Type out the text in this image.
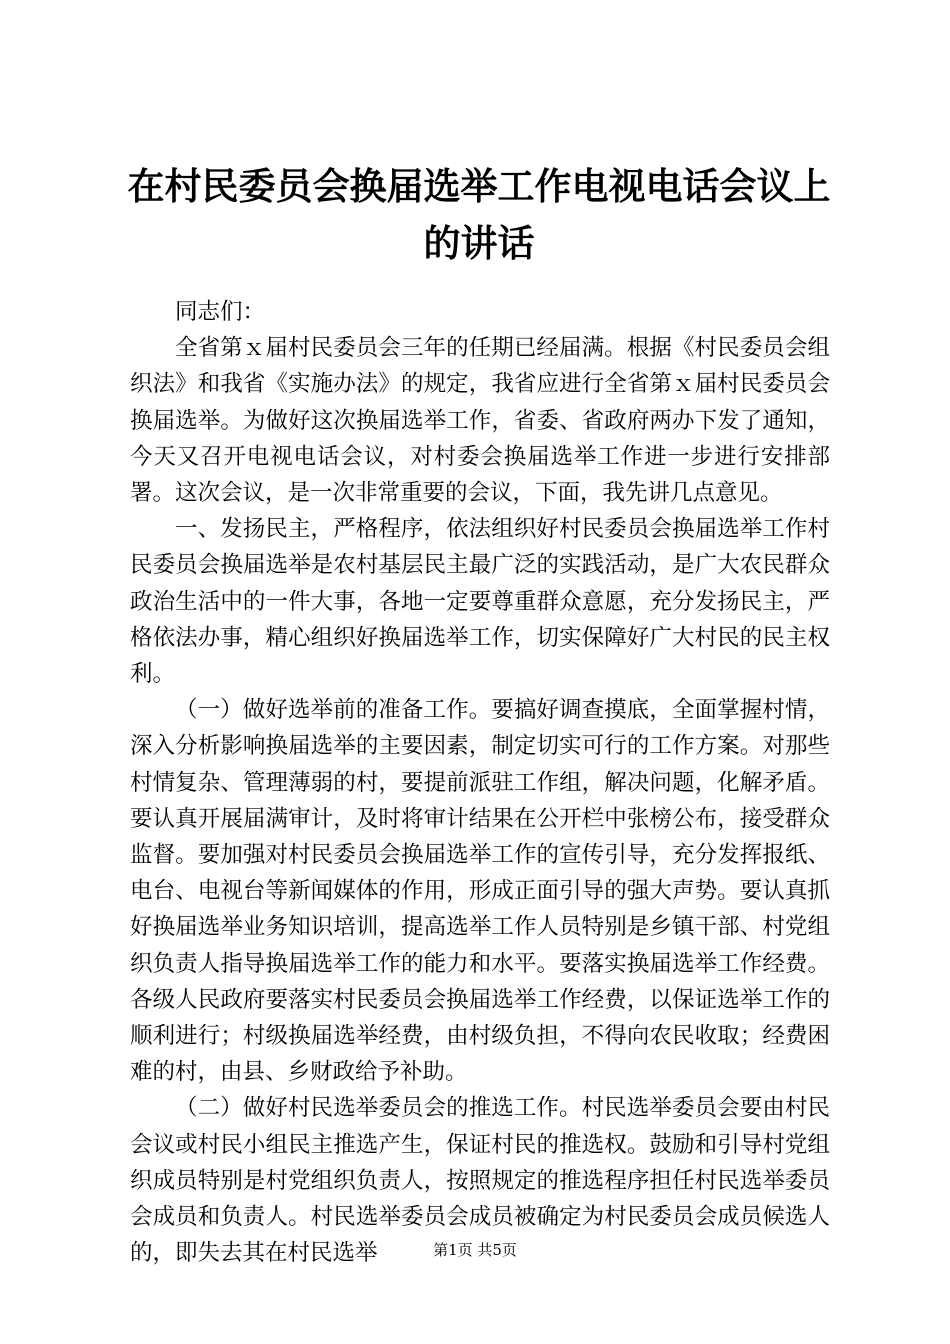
在村民委员会换届选举工作电视电话会议上的讲话

同志们：

全省第ｘ届村民委员会三年的任期已经届满。根据《村民委员会组织法》和我省《实施办法》的规定，我省应进行全省第ｘ届村民委员会换届选举。为做好这次换届选举工作，省委、省政府两办下发了通知，今天又召开电视电话会议，对村委会换届选举工作进一步进行安排部署。这次会议，是一次非常重要的会议，下面，我先讲几点意见。

一、发扬民主，严格程序，依法组织好村民委员会换届选举工作村民委员会换届选举是农村基层民主最广泛的实践活动，是广大农民群众政治生活中的一件大事，各地一定要尊重群众意愿，充分发扬民主，严格依法办事，精心组织好换届选举工作，切实保障好广大村民的民主权利。

（一）做好选举前的准备工作。要搞好调查摸底，全面掌握村情，深入分析影响换届选举的主要因素，制定切实可行的工作方案。对那些村情复杂、管理薄弱的村，要提前派驻工作组，解决问题，化解矛盾。要认真开展届满审计，及时将审计结果在公开栏中张榜公布，接受群众监督。要加强对村民委员会换届选举工作的宣传引导，充分发挥报纸、电台、电视台等新闻媒体的作用，形成正面引导的强大声势。要认真抓好换届选举业务知识培训，提高选举工作人员特别是乡镇干部、村党组织负责人指导换届选举工作的能力和水平。要落实换届选举工作经费。各级人民政府要落实村民委员会换届选举工作经费，以保证选举工作的顺利进行；村级换届选举经费，由村级负担，不得向农民收取；经费困难的村，由县、乡财政给予补助。

（二）做好村民选举委员会的推选工作。村民选举委员会要由村民会议或村民小组民主推选产生，保证村民的推选权。鼓励和引导村党组织成员特别是村党组织负责人，按照规定的推选程序担任村民选举委员会成员和负责人。村民选举委员会成员被确定为村民委员会成员候选人的，即失去其在村民选举	第1页 共5页
